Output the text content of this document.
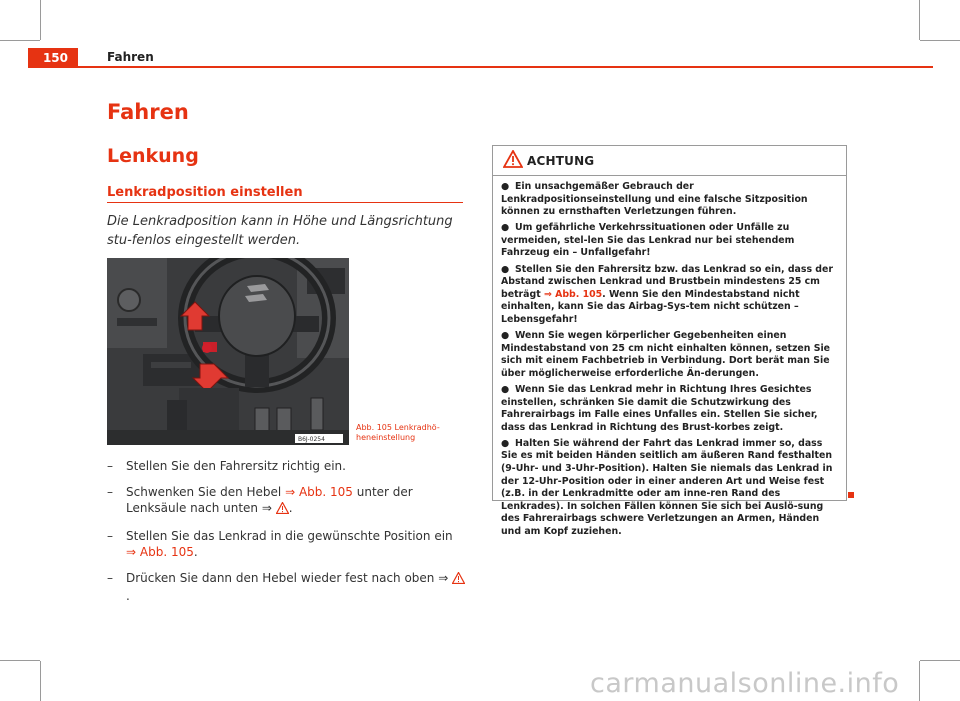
150	Fahren
Fahren
Lenkung
Lenkradposition einstellen
Die Lenkradposition kann in Höhe und Längsrichtung stu-fenlos eingestellt werden.
B6J-0254
Abb. 105 Lenkradhö-
heneinstellung
– Stellen Sie den Fahrersitz richtig ein.
– Schwenken Sie den Hebel ⇒ Abb. 105 unter der Lenksäule nach unten ⇒ .
– Stellen Sie das Lenkrad in die gewünschte Position ein
⇒ Abb. 105.
– Drücken Sie dann den Hebel wieder fest nach oben ⇒ .
ACHTUNG

● Ein unsachgemäßer Gebrauch der Lenkradpositionseinstellung und eine falsche Sitzposition können zu ernsthaften Verletzungen führen.

● Um gefährliche Verkehrssituationen oder Unfälle zu vermeiden, stel-len Sie das Lenkrad nur bei stehendem Fahrzeug ein – Unfallgefahr!

● Stellen Sie den Fahrersitz bzw. das Lenkrad so ein, dass der Abstand zwischen Lenkrad und Brustbein mindestens 25 cm beträgt ⇒ Abb. 105. Wenn Sie den Mindestabstand nicht einhalten, kann Sie das Airbag-Sys-tem nicht schützen – Lebensgefahr!

● Wenn Sie wegen körperlicher Gegebenheiten einen Mindestabstand von 25 cm nicht einhalten können, setzen Sie sich mit einem Fachbetrieb in Verbindung. Dort berät man Sie über möglicherweise erforderliche Än-derungen.

● Wenn Sie das Lenkrad mehr in Richtung Ihres Gesichtes einstellen, schränken Sie damit die Schutzwirkung des Fahrerairbags im Falle eines Unfalles ein. Stellen Sie sicher, dass das Lenkrad in Richtung des Brust-korbes zeigt.

● Halten Sie während der Fahrt das Lenkrad immer so, dass Sie es mit beiden Händen seitlich am äußeren Rand festhalten (9-Uhr- und 3-Uhr-Position). Halten Sie niemals das Lenkrad in der 12-Uhr-Position oder in einer anderen Art und Weise fest (z.B. in der Lenkradmitte oder am inne-ren Rand des Lenkrades). In solchen Fällen können Sie sich bei Auslö-sung des Fahrerairbags schwere Verletzungen an Armen, Händen und am Kopf zuziehen.

carmanualsonline.info
